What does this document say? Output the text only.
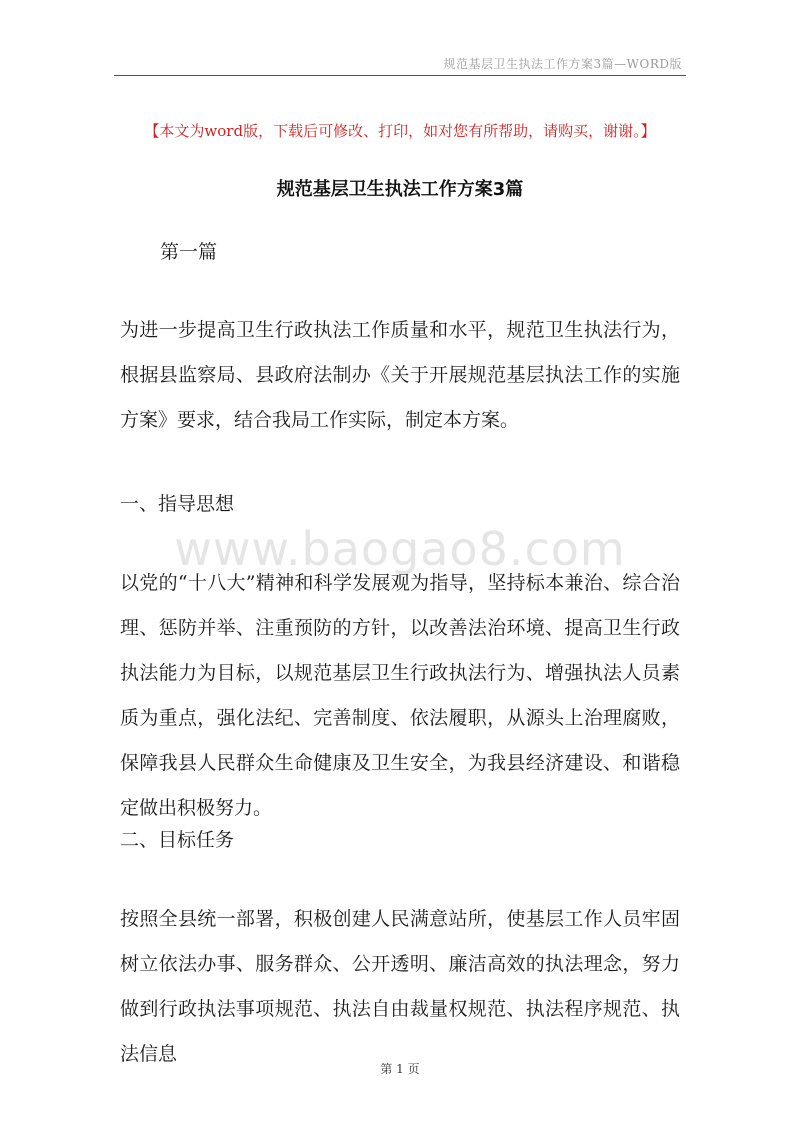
规范基层卫生执法工作方案3篇—WORD版
【本文为word版，下载后可修改、打印，如对您有所帮助，请购买，谢谢。】
规范基层卫生执法工作方案3篇
第一篇
为进一步提高卫生行政执法工作质量和水平，规范卫生执法行为，根据县监察局、县政府法制办《关于开展规范基层执法工作的实施方案》要求，结合我局工作实际，制定本方案。
一、指导思想
www.baogao8.com
以党的“十八大”精神和科学发展观为指导，坚持标本兼治、综合治理、惩防并举、注重预防的方针，以改善法治环境、提高卫生行政执法能力为目标，以规范基层卫生行政执法行为、增强执法人员素质为重点，强化法纪、完善制度、依法履职，从源头上治理腐败，保障我县人民群众生命健康及卫生安全，为我县经济建设、和谐稳定做出积极努力。
二、目标任务
按照全县统一部署，积极创建人民满意站所，使基层工作人员牢固树立依法办事、服务群众、公开透明、廉洁高效的执法理念，努力做到行政执法事项规范、执法自由裁量权规范、执法程序规范、执法信息
第 1 页
